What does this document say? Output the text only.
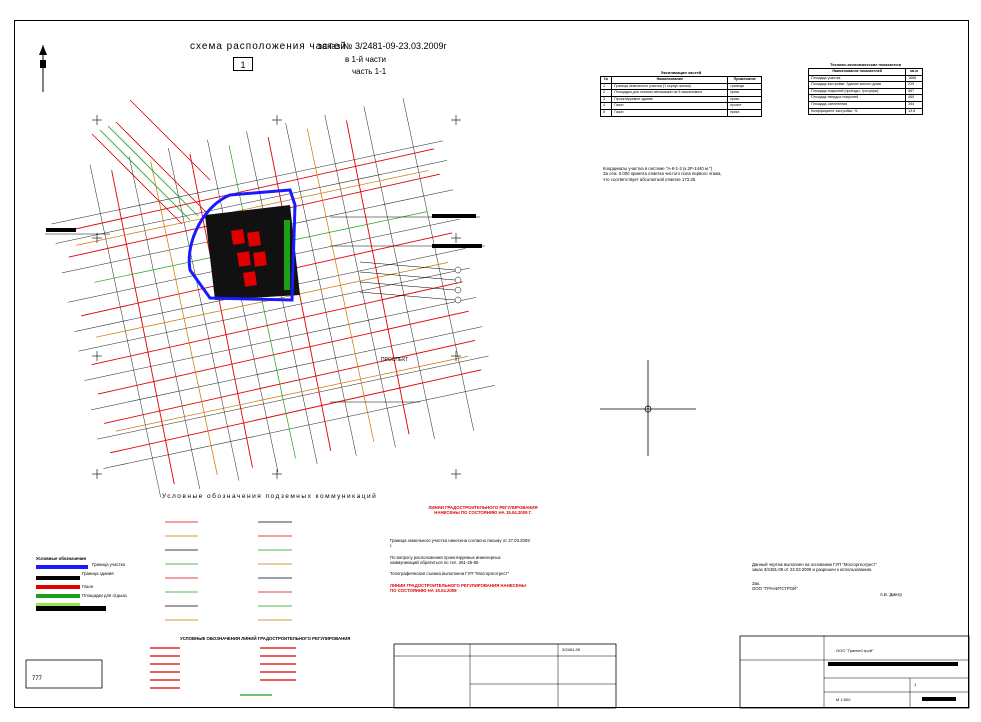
схема расположения частей
заказ № 3/2481-09-23.03.2009г
в 1-й части
часть 1-1
1
Экспликация частей		
№	Наименование	Примечание
1	Граница земельного участка (1 корпус жилья)	граница
2	Площадка для стоянки автомашин на 5 машиномест	прим.
3	Проектируемое здание	прим.
4	Газон	проект
5	Газон	прим.
Технико-экономические показатели	
Наименование показателей	кв.м
Площадь участка	1668
Площадь застройки: Здание жилого дома	229
Площадь покрытий (проезды, тротуары)	587
Площадь твердых покрытий	460
Площадь озеленения	354
Коэффициент застройки, %	13,8
Координаты участка в системе "А-К-1-2 (к.2Р-1440 м.")
За отм. 0.000 принята отметка чистого пола первого этажа,
что соответствует абсолютной отметке 173.25
ПРОСПЕКТ
Условные обозначения подземных коммуникаций
Условные обозначения
Граница здания
Граница участка
Газон
Площадки для отдыха
УСЛОВНЫЕ ОБОЗНАЧЕНИЯ ЛИНИЙ ГРАДОСТРОИТЕЛЬНОГО РЕГУЛИРОВАНИЯ
ЛИНИИ ГРАДОСТРОИТЕЛЬНОГО РЕГУЛИРОВАНИЯ
НАНЕСЕНЫ ПО СОСТОЯНИЮ НА 15.04.2009 Г.
Граница земельного участка нанесена согласно письму от 27.03.2009 г.
По вопросу расположения проектируемых инженерных коммуникаций обратиться по тел. 251-26-65
Топографическая съемка выполнена ГУП "Мосгоргеотрест"
ЛИНИИ ГРАДОСТРОИТЕЛЬНОГО РЕГУЛИРОВАНИЯ НАНЕСЕНЫ
ПО СОСТОЯНИЮ НА 15.04.2009
Данный чертеж выполнен на основании ГУП "Мосгоргеотрест"
заказ 3/2481-09 от 23.03.2009 и разрешен к использованию.
Зак.
ООО "ГРАНИТСТРОЙ"
А.В. Дмитр
ООО "ГранитСтрой"
М 1:500
1
3/2481-09
777
